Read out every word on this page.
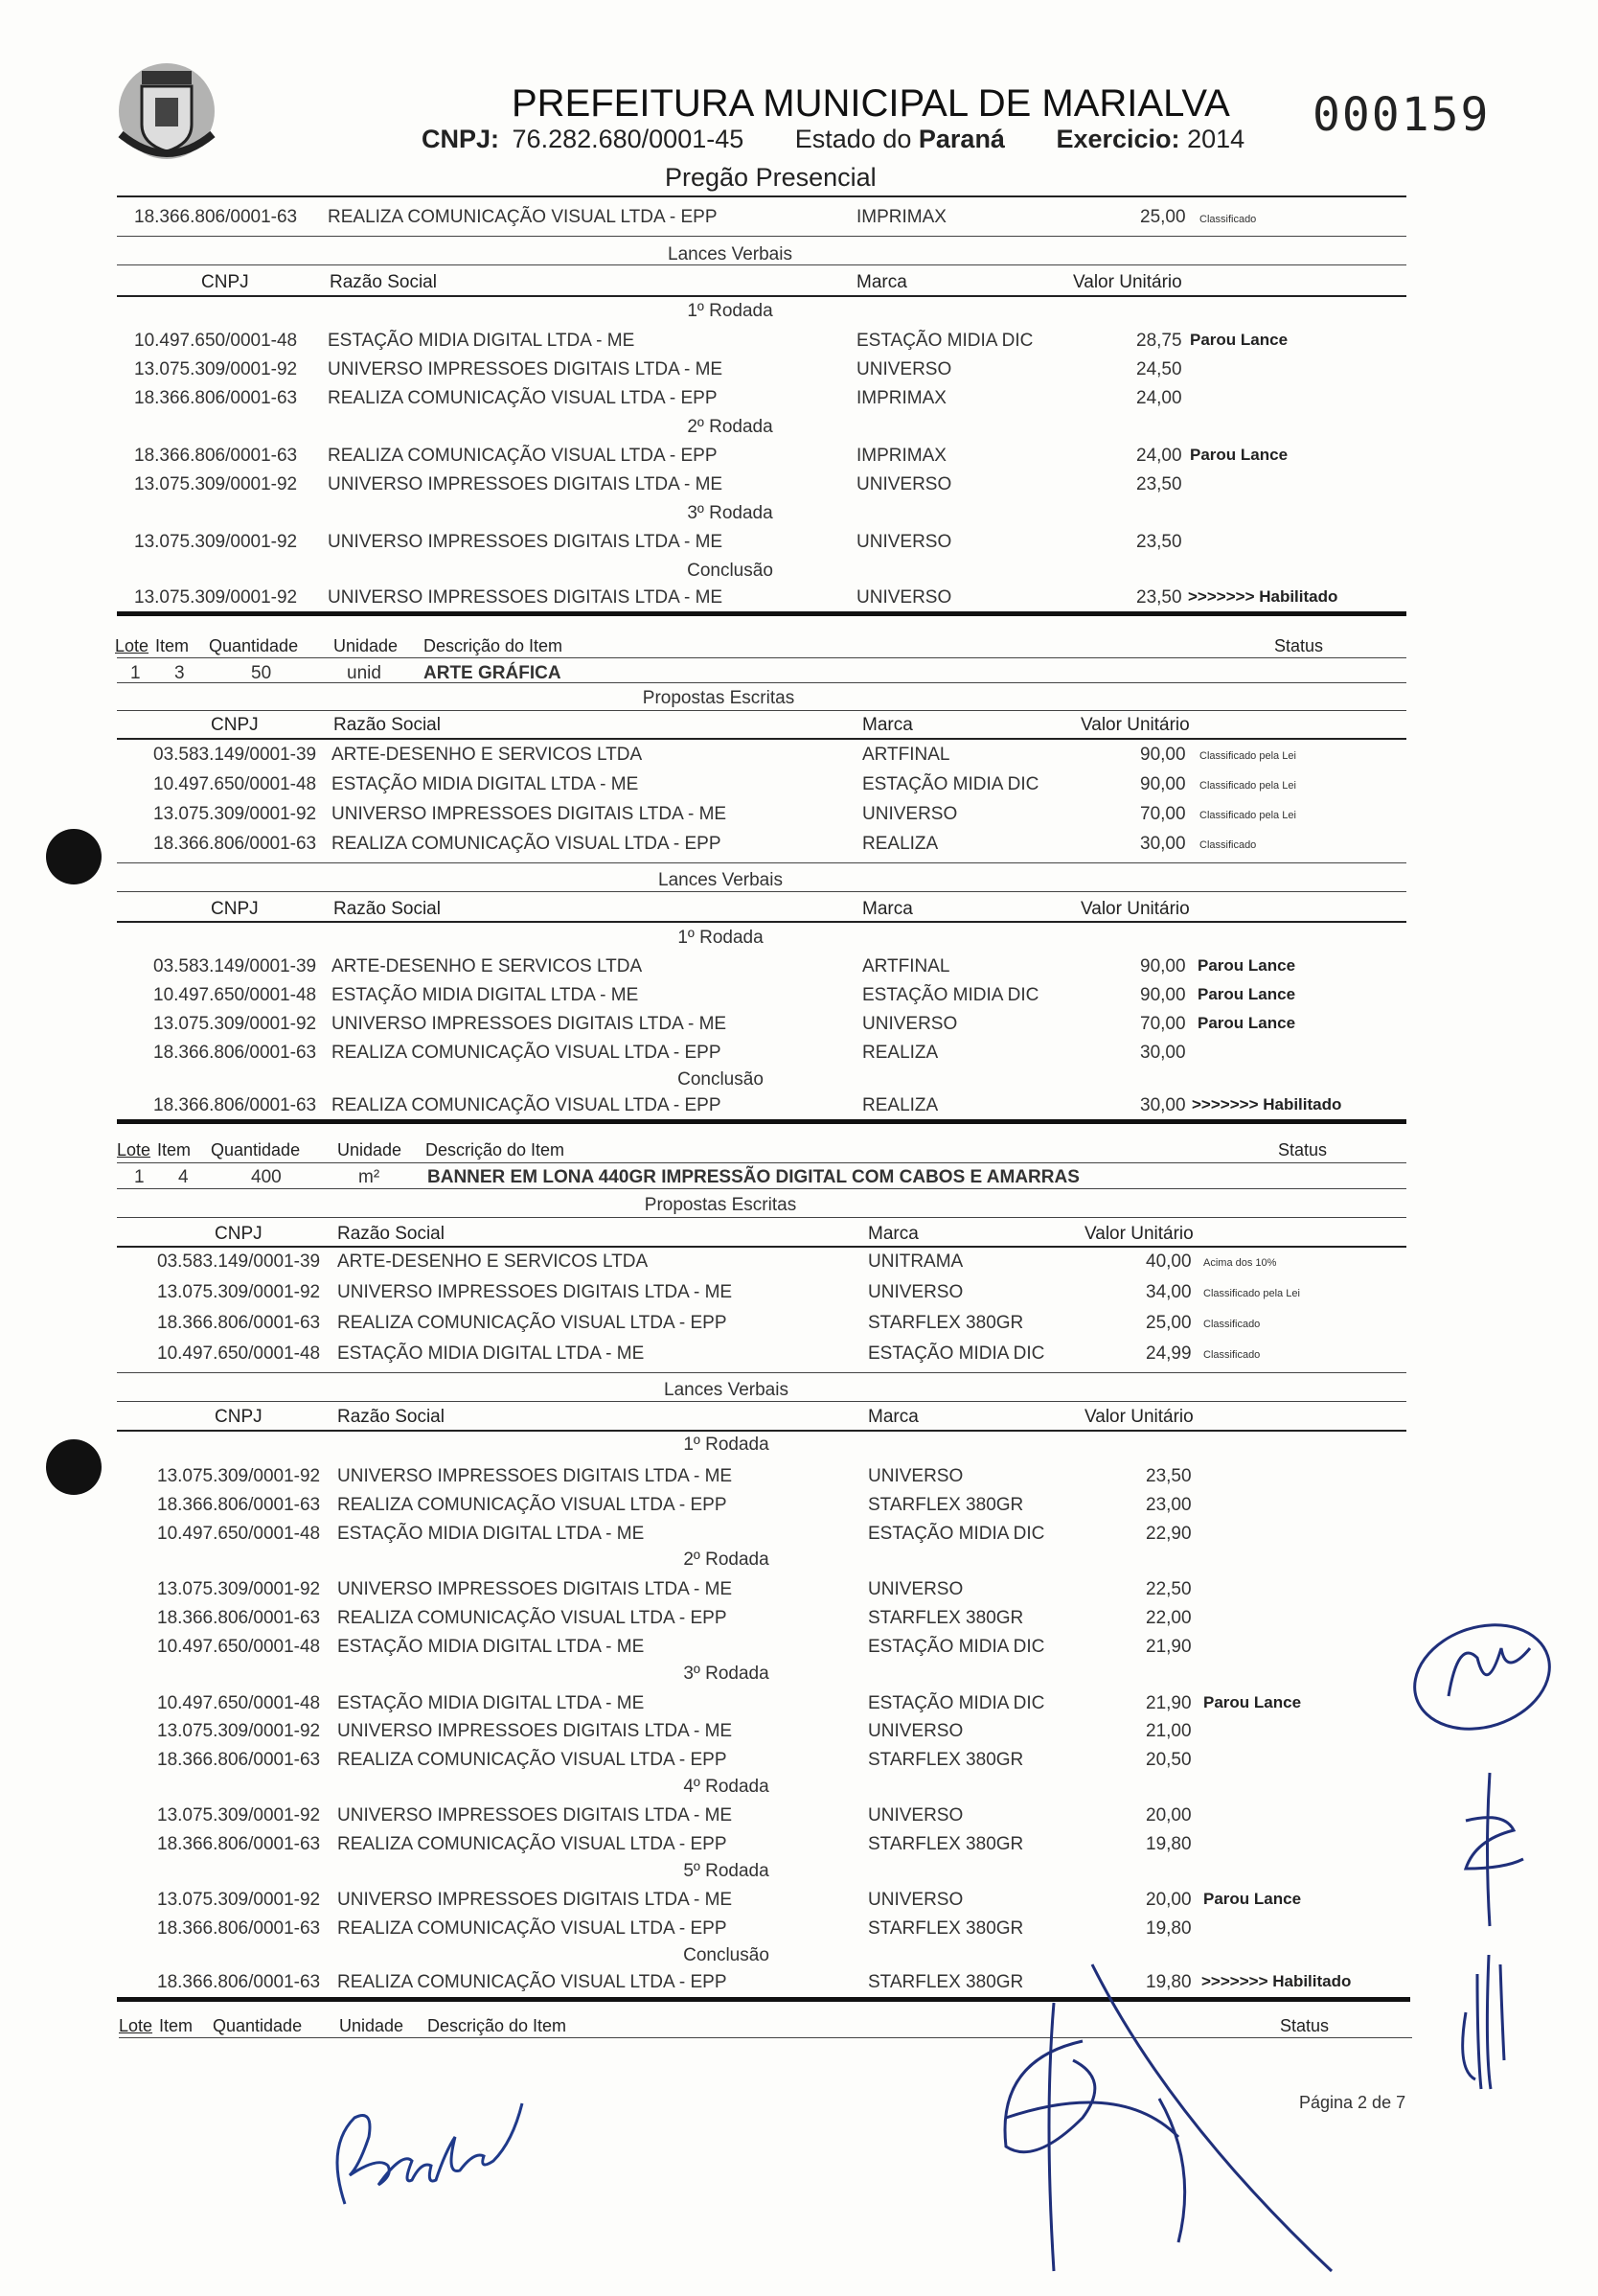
PREFEITURA MUNICIPAL DE MARIALVA
CNPJ: 76.282.680/0001-45 Estado do Paraná Exercicio: 2014 000159
Pregão Presencial
18.366.806/0001-63 REALIZA COMUNICAÇÃO VISUAL LTDA - EPP	IMPRIMAX	25,00 Classificado
Lances Verbais
CNPJ	Razão Social	Marca	Valor Unitário
1º Rodada
10.497.650/0001-48 ESTAÇÃO MIDIA DIGITAL LTDA - ME	ESTAÇÃO MIDIA DIC	28,75 Parou Lance
13.075.309/0001-92 UNIVERSO IMPRESSOES DIGITAIS LTDA - ME	UNIVERSO	24,50
18.366.806/0001-63 REALIZA COMUNICAÇÃO VISUAL LTDA - EPP	IMPRIMAX	24,00
2º Rodada
18.366.806/0001-63 REALIZA COMUNICAÇÃO VISUAL LTDA - EPP	IMPRIMAX	24,00 Parou Lance
13.075.309/0001-92 UNIVERSO IMPRESSOES DIGITAIS LTDA - ME	UNIVERSO	23,50
3º Rodada
13.075.309/0001-92 UNIVERSO IMPRESSOES DIGITAIS LTDA - ME	UNIVERSO	23,50
Conclusão
13.075.309/0001-92 UNIVERSO IMPRESSOES DIGITAIS LTDA - ME	UNIVERSO	23,50 >>>>>>> Habilitado
Lote Item Quantidade Unidade Descrição do Item	Status
1 3	50	unid ARTE GRÁFICA
Propostas Escritas
CNPJ	Razão Social	Marca	Valor Unitário
03.583.149/0001-39 ARTE-DESENHO E SERVICOS LTDA	ARTFINAL	90,00 Classificado pela Lei
10.497.650/0001-48 ESTAÇÃO MIDIA DIGITAL LTDA - ME	ESTAÇÃO MIDIA DIC	90,00 Classificado pela Lei
13.075.309/0001-92 UNIVERSO IMPRESSOES DIGITAIS LTDA - ME	UNIVERSO	70,00 Classificado pela Lei
18.366.806/0001-63 REALIZA COMUNICAÇÃO VISUAL LTDA - EPP	REALIZA	30,00 Classificado
Lances Verbais
CNPJ	Razão Social	Marca	Valor Unitário
1º Rodada
03.583.149/0001-39 ARTE-DESENHO E SERVICOS LTDA	ARTFINAL	90,00 Parou Lance
10.497.650/0001-48 ESTAÇÃO MIDIA DIGITAL LTDA - ME	ESTAÇÃO MIDIA DIC	90,00 Parou Lance
13.075.309/0001-92 UNIVERSO IMPRESSOES DIGITAIS LTDA - ME	UNIVERSO	70,00 Parou Lance
18.366.806/0001-63 REALIZA COMUNICAÇÃO VISUAL LTDA - EPP	REALIZA	30,00
Conclusão
18.366.806/0001-63 REALIZA COMUNICAÇÃO VISUAL LTDA - EPP	REALIZA	30,00 >>>>>>> Habilitado
Lote Item Quantidade Unidade Descrição do Item	Status
1 4	400	m²	BANNER EM LONA 440GR IMPRESSÃO DIGITAL COM CABOS E AMARRAS
Propostas Escritas
CNPJ	Razão Social	Marca	Valor Unitário
03.583.149/0001-39 ARTE-DESENHO E SERVICOS LTDA	UNITRAMA	40,00 Acima dos 10%
13.075.309/0001-92 UNIVERSO IMPRESSOES DIGITAIS LTDA - ME	UNIVERSO	34,00 Classificado pela Lei
18.366.806/0001-63 REALIZA COMUNICAÇÃO VISUAL LTDA - EPP	STARFLEX 380GR	25,00 Classificado
10.497.650/0001-48 ESTAÇÃO MIDIA DIGITAL LTDA - ME	ESTAÇÃO MIDIA DIC	24,99 Classificado
Lances Verbais
CNPJ	Razão Social	Marca	Valor Unitário
1º Rodada
13.075.309/0001-92 UNIVERSO IMPRESSOES DIGITAIS LTDA - ME	UNIVERSO	23,50
18.366.806/0001-63 REALIZA COMUNICAÇÃO VISUAL LTDA - EPP	STARFLEX 380GR	23,00
10.497.650/0001-48 ESTAÇÃO MIDIA DIGITAL LTDA - ME	ESTAÇÃO MIDIA DIC	22,90
2º Rodada
13.075.309/0001-92 UNIVERSO IMPRESSOES DIGITAIS LTDA - ME	UNIVERSO	22,50
18.366.806/0001-63 REALIZA COMUNICAÇÃO VISUAL LTDA - EPP	STARFLEX 380GR	22,00
10.497.650/0001-48 ESTAÇÃO MIDIA DIGITAL LTDA - ME	ESTAÇÃO MIDIA DIC	21,90
3º Rodada
10.497.650/0001-48 ESTAÇÃO MIDIA DIGITAL LTDA - ME	ESTAÇÃO MIDIA DIC	21,90 Parou Lance
13.075.309/0001-92 UNIVERSO IMPRESSOES DIGITAIS LTDA - ME	UNIVERSO	21,00
18.366.806/0001-63 REALIZA COMUNICAÇÃO VISUAL LTDA - EPP	STARFLEX 380GR	20,50
4º Rodada
13.075.309/0001-92 UNIVERSO IMPRESSOES DIGITAIS LTDA - ME	UNIVERSO	20,00
18.366.806/0001-63 REALIZA COMUNICAÇÃO VISUAL LTDA - EPP	STARFLEX 380GR	19,80
5º Rodada
13.075.309/0001-92 UNIVERSO IMPRESSOES DIGITAIS LTDA - ME	UNIVERSO	20,00 Parou Lance
18.366.806/0001-63 REALIZA COMUNICAÇÃO VISUAL LTDA - EPP	STARFLEX 380GR	19,80
Conclusão
18.366.806/0001-63 REALIZA COMUNICAÇÃO VISUAL LTDA - EPP	STARFLEX 380GR	19,80 >>>>>>> Habilitado
Lote Item Quantidade Unidade Descrição do Item	Status
Página 2 de 7
